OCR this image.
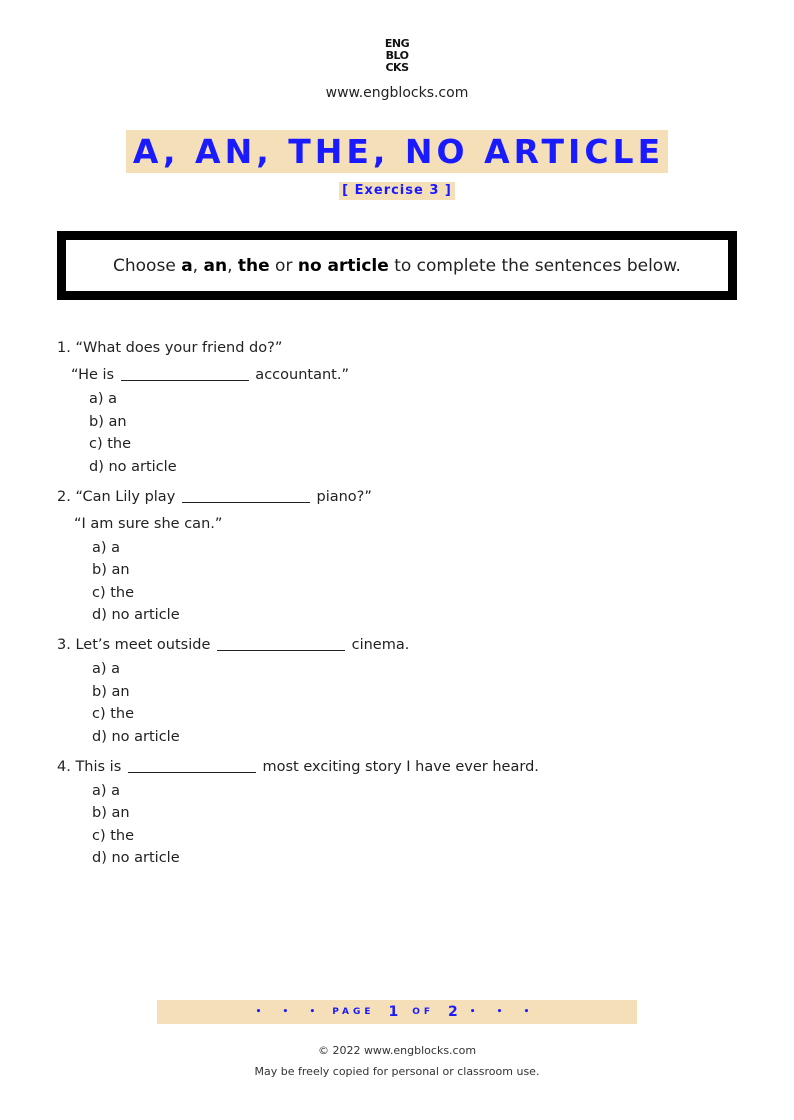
ENG
BLO
CKS
www.engblocks.com
A, AN, THE, NO ARTICLE
[ Exercise 3 ]
Choose a, an, the or no article to complete the sentences below.
1. “What does your friend do?”
“He is	accountant.”
a) a
b) an
c) the
d) no article
2. “Can Lily play	piano?”
“I am sure she can.”
a) a
b) an
c) the
d) no article
3. Let’s meet outside	cinema.
a) a
b) an
c) the
d) no article
4. This is	most exciting story I have ever heard.
a) a
b) an
c) the
d) no article
• • • PAGE 1 OF 2 • • •
© 2022 www.engblocks.com
May be freely copied for personal or classroom use.
